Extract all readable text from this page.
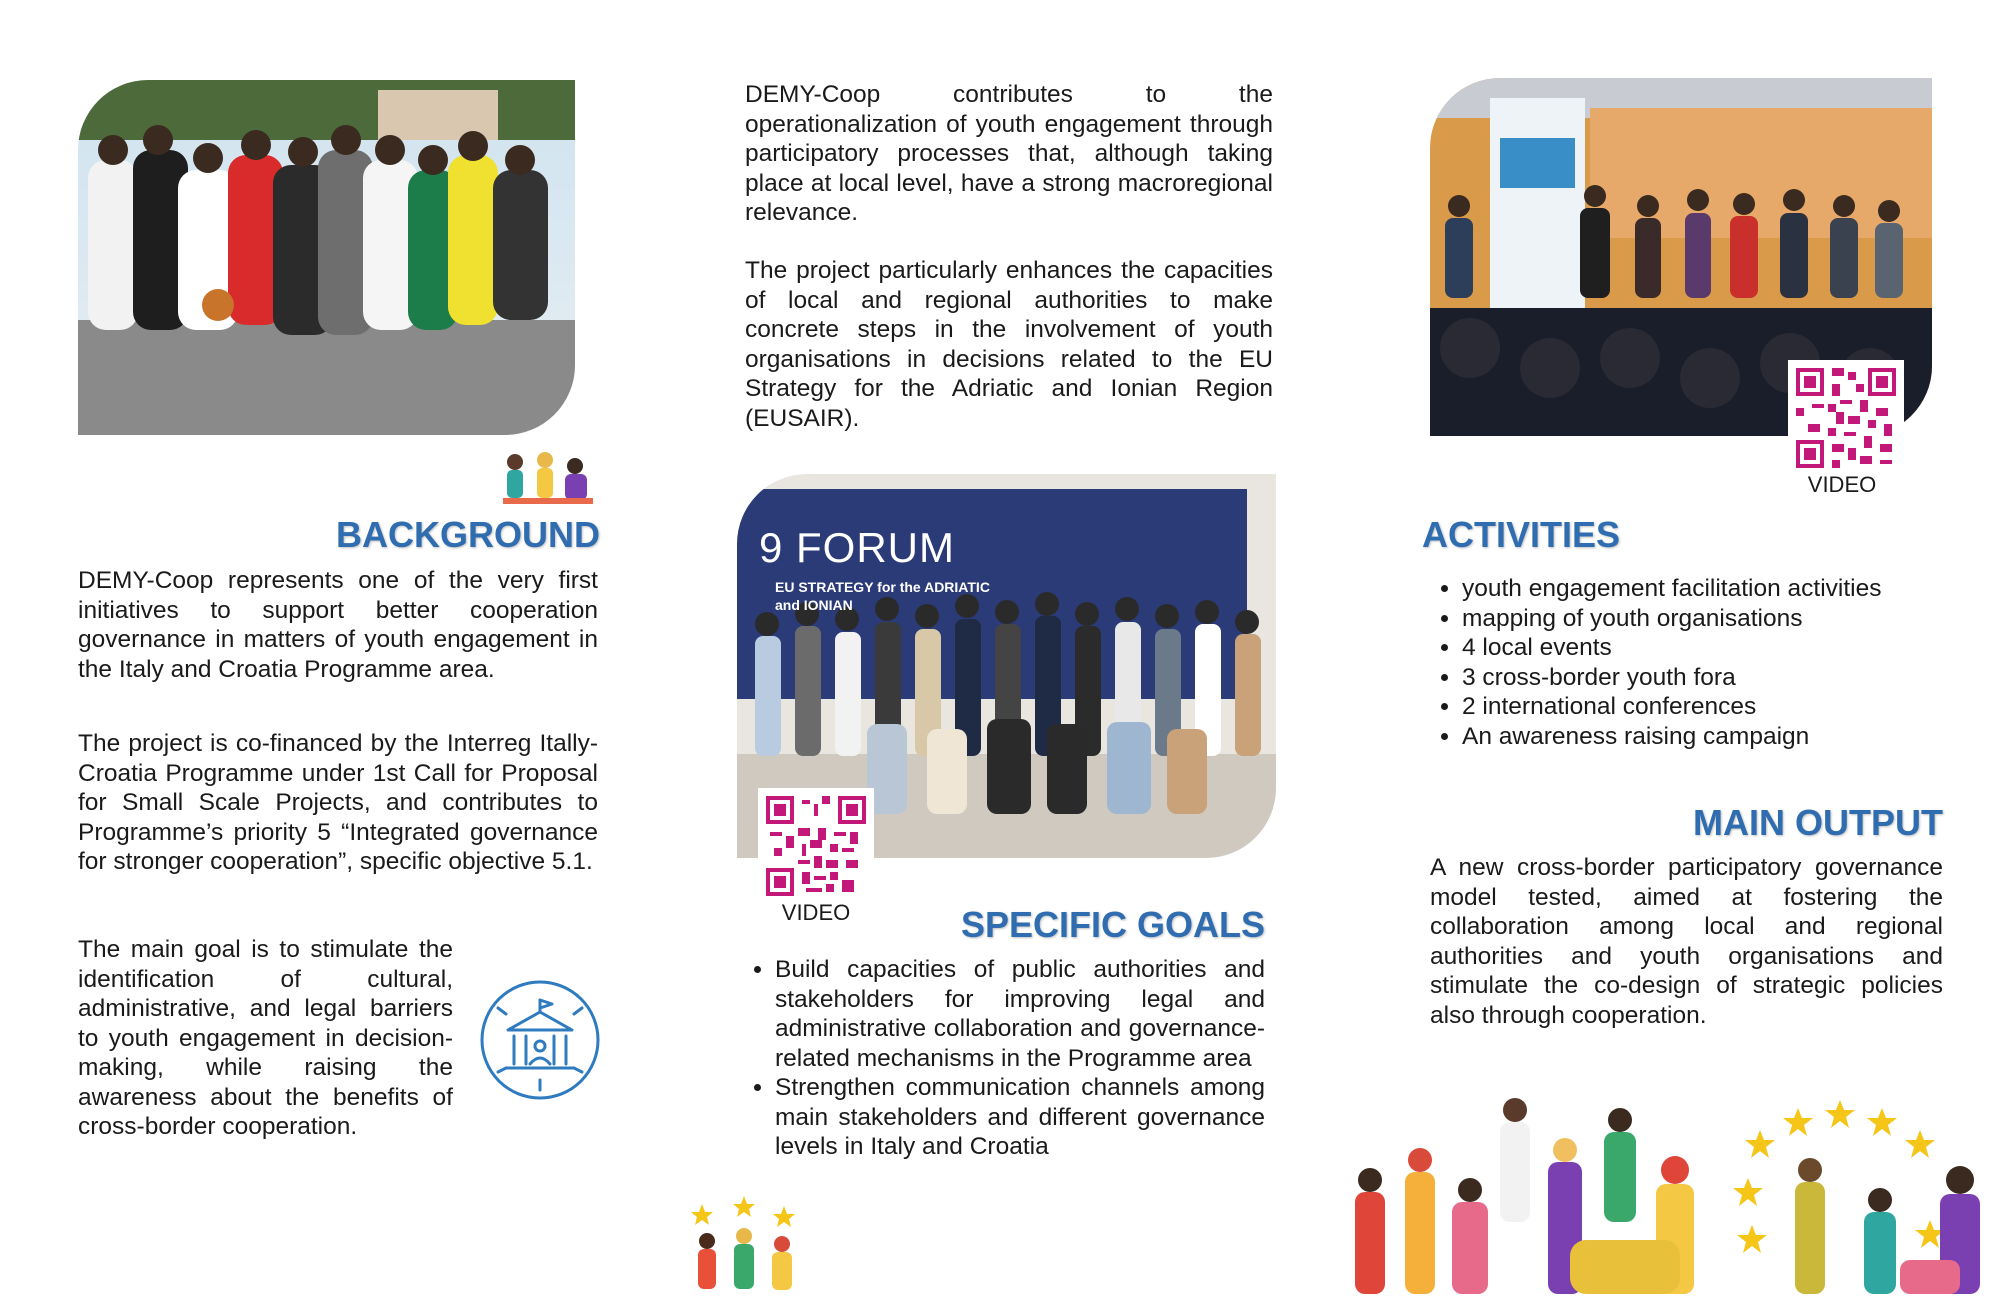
BACKGROUND
DEMY-Coop represents one of the very first initiatives to support better cooperation governance in matters of youth engagement in the Italy and Croatia Programme area.
The project is co-financed by the Interreg Itally-Croatia Programme under 1st Call for Proposal for Small Scale Projects, and contributes to Programme’s priority 5 “Integrated governance for stronger cooperation”, specific objective 5.1.
The main goal is to stimulate the identification of cultural, administrative, and legal barriers to youth engagement in decision-making, while raising the awareness about the benefits of cross-border cooperation.
DEMY-Coop contributes to the operationalization of youth engagement through participatory processes that, although taking place at local level, have a strong macroregional relevance.
The project particularly enhances the capacities of local and regional authorities to make concrete steps in the involvement of youth organisations in decisions related to the EU Strategy for the Adriatic and Ionian Region (EUSAIR).
9 FORUM
EU STRATEGY for the ADRIATIC and IONIAN
VIDEO	SPECIFIC GOALS
• Build capacities of public authorities and stakeholders for improving legal and administrative collaboration and governance-related mechanisms in the Programme area
• Strengthen communication channels among main stakeholders and different governance levels in Italy and Croatia
VIDEO
ACTIVITIES
• youth engagement facilitation activities
• mapping of youth organisations
• 4 local events
• 3 cross-border youth fora
• 2 international conferences
• An awareness raising campaign
MAIN OUTPUT
A new cross-border participatory governance model tested, aimed at fostering the collaboration among local and regional authorities and youth organisations and stimulate the co-design of strategic policies also through cooperation.
